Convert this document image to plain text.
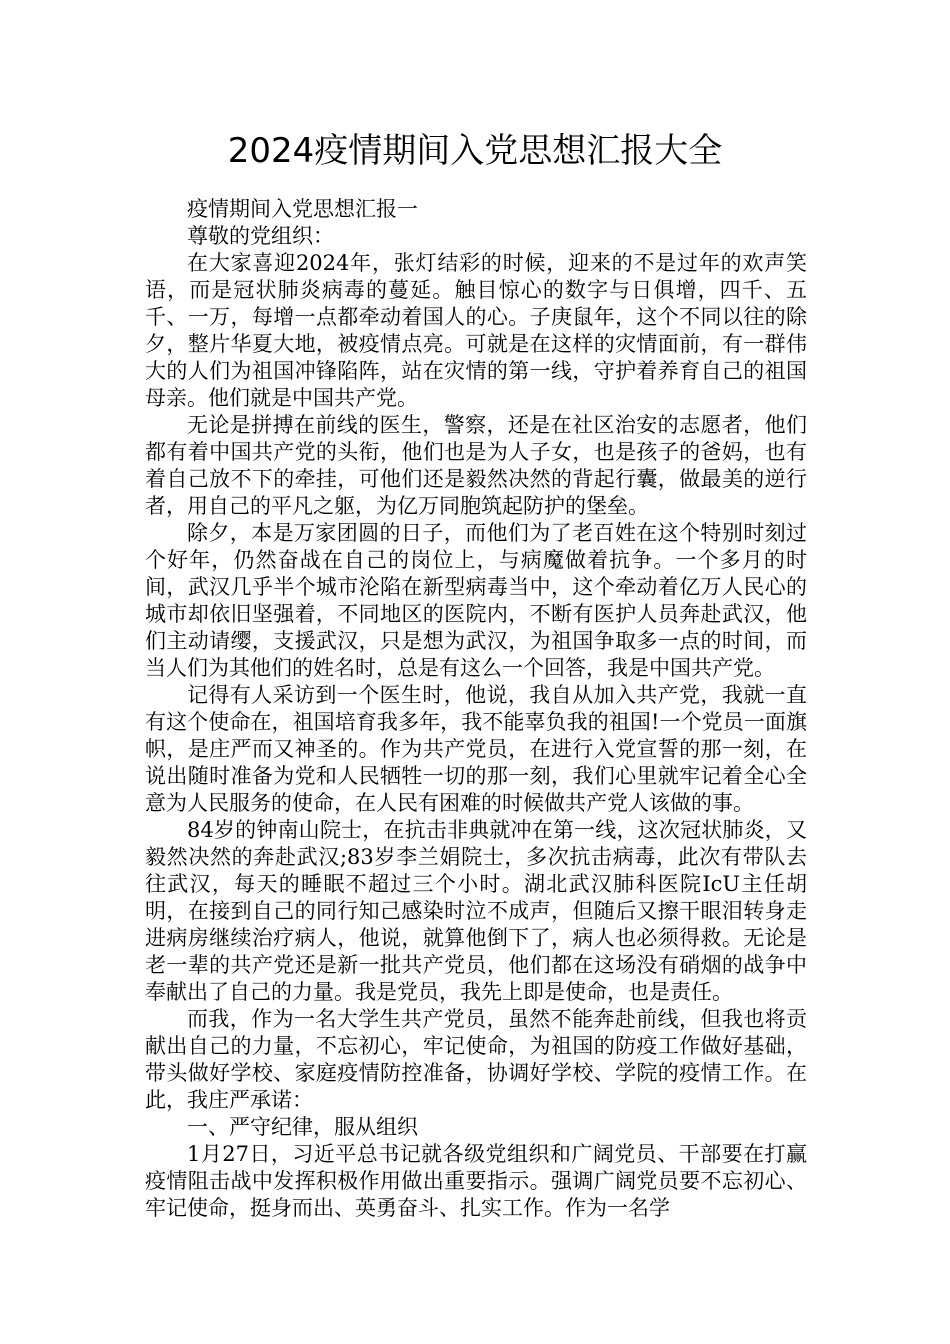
2024疫情期间入党思想汇报大全

疫情期间入党思想汇报一

尊敬的党组织：

在大家喜迎2024年，张灯结彩的时候，迎来的不是过年的欢声笑语，而是冠状肺炎病毒的蔓延。触目惊心的数字与日俱增，四千、五千、一万，每增一点都牵动着国人的心。子庚鼠年，这个不同以往的除夕，整片华夏大地，被疫情点亮。可就是在这样的灾情面前，有一群伟大的人们为祖国冲锋陷阵，站在灾情的第一线，守护着养育自己的祖国母亲。他们就是中国共产党。

无论是拼搏在前线的医生，警察，还是在社区治安的志愿者，他们都有着中国共产党的头衔，他们也是为人子女，也是孩子的爸妈，也有着自己放不下的牵挂，可他们还是毅然决然的背起行囊，做最美的逆行者，用自己的平凡之躯，为亿万同胞筑起防护的堡垒。

除夕，本是万家团圆的日子，而他们为了老百姓在这个特别时刻过个好年，仍然奋战在自己的岗位上，与病魔做着抗争。一个多月的时间，武汉几乎半个城市沦陷在新型病毒当中，这个牵动着亿万人民心的城市却依旧坚强着，不同地区的医院内，不断有医护人员奔赴武汉，他们主动请缨，支援武汉，只是想为武汉，为祖国争取多一点的时间，而当人们为其他们的姓名时，总是有这么一个回答，我是中国共产党。

记得有人采访到一个医生时，他说，我自从加入共产党，我就一直有这个使命在，祖国培育我多年，我不能辜负我的祖国!一个党员一面旗帜，是庄严而又神圣的。作为共产党员，在进行入党宣誓的那一刻，在说出随时准备为党和人民牺牲一切的那一刻，我们心里就牢记着全心全意为人民服务的使命，在人民有困难的时候做共产党人该做的事。

84岁的钟南山院士，在抗击非典就冲在第一线，这次冠状肺炎，又毅然决然的奔赴武汉;83岁李兰娟院士，多次抗击病毒，此次有带队去往武汉，每天的睡眠不超过三个小时。湖北武汉肺科医院IcU主任胡明，在接到自己的同行知己感染时泣不成声，但随后又擦干眼泪转身走进病房继续治疗病人，他说，就算他倒下了，病人也必须得救。无论是老一辈的共产党还是新一批共产党员，他们都在这场没有硝烟的战争中奉献出了自己的力量。我是党员，我先上即是使命，也是责任。

而我，作为一名大学生共产党员，虽然不能奔赴前线，但我也将贡献出自己的力量，不忘初心，牢记使命，为祖国的防疫工作做好基础，带头做好学校、家庭疫情防控准备，协调好学校、学院的疫情工作。在此，我庄严承诺：

一、严守纪律，服从组织

1月27日，习近平总书记就各级党组织和广阔党员、干部要在打赢疫情阻击战中发挥积极作用做出重要指示。强调广阔党员要不忘初心、牢记使命，挺身而出、英勇奋斗、扎实工作。作为一名学
